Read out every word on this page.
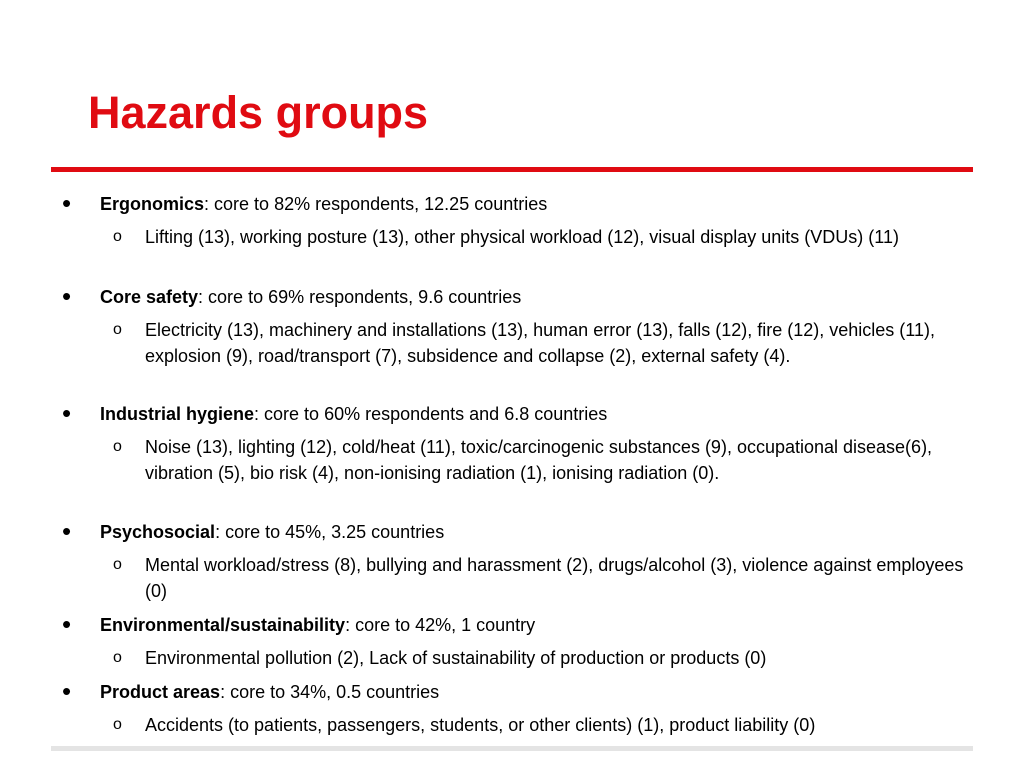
Hazards groups
•	Ergonomics: core to 82% respondents, 12.25 countries
o Lifting (13), working posture (13), other physical workload (12), visual display units (VDUs) (11)
•	Core safety: core to 69% respondents, 9.6 countries
o Electricity (13), machinery and installations (13), human error (13), falls (12), fire (12), vehicles (11), explosion (9), road/transport (7), subsidence and collapse (2), external safety (4).
•	Industrial hygiene: core to 60% respondents and 6.8 countries
o Noise (13), lighting (12), cold/heat (11), toxic/carcinogenic substances (9), occupational disease(6), vibration (5), bio risk (4), non-ionising radiation (1), ionising radiation (0).
•	Psychosocial: core to 45%, 3.25 countries
o Mental workload/stress (8), bullying and harassment (2), drugs/alcohol (3), violence against employees (0)
•	Environmental/sustainability: core to 42%, 1 country
o Environmental pollution (2), Lack of sustainability of production or products (0)
•	Product areas: core to 34%, 0.5 countries
o Accidents (to patients, passengers, students, or other clients) (1), product liability (0)
